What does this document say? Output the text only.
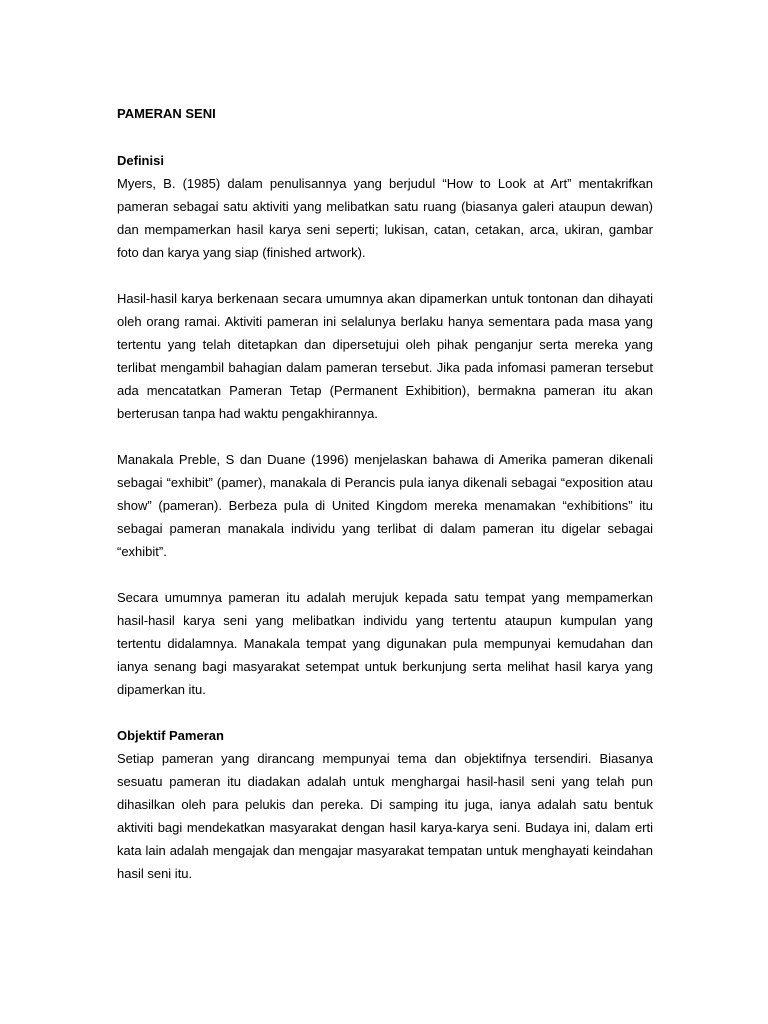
PAMERAN SENI
Definisi

Myers, B. (1985) dalam penulisannya yang berjudul “How to Look at Art” mentakrifkan pameran sebagai satu aktiviti yang melibatkan satu ruang (biasanya galeri ataupun dewan) dan mempamerkan hasil karya seni seperti; lukisan, catan, cetakan, arca, ukiran, gambar foto dan karya yang siap (finished artwork).

Hasil-hasil karya berkenaan secara umumnya akan dipamerkan untuk tontonan dan dihayati oleh orang ramai. Aktiviti pameran ini selalunya berlaku hanya sementara pada masa yang tertentu yang telah ditetapkan dan dipersetujui oleh pihak penganjur serta mereka yang terlibat mengambil bahagian dalam pameran tersebut. Jika pada infomasi pameran tersebut ada mencatatkan Pameran Tetap (Permanent Exhibition), bermakna pameran itu akan berterusan tanpa had waktu pengakhirannya.

Manakala Preble, S dan Duane (1996) menjelaskan bahawa di Amerika pameran dikenali sebagai “exhibit” (pamer), manakala di Perancis pula ianya dikenali sebagai “exposition atau show” (pameran). Berbeza pula di United Kingdom mereka menamakan “exhibitions” itu sebagai pameran manakala individu yang terlibat di dalam pameran itu digelar sebagai “exhibit”.

Secara umumnya pameran itu adalah merujuk kepada satu tempat yang mempamerkan hasil-hasil karya seni yang melibatkan individu yang tertentu ataupun kumpulan yang tertentu didalamnya. Manakala tempat yang digunakan pula mempunyai kemudahan dan ianya senang bagi masyarakat setempat untuk berkunjung serta melihat hasil karya yang dipamerkan itu.

Objektif Pameran

Setiap pameran yang dirancang mempunyai tema dan objektifnya tersendiri. Biasanya sesuatu pameran itu diadakan adalah untuk menghargai hasil-hasil seni yang telah pun dihasilkan oleh para pelukis dan pereka. Di samping itu juga, ianya adalah satu bentuk aktiviti bagi mendekatkan masyarakat dengan hasil karya-karya seni. Budaya ini, dalam erti kata lain adalah mengajak dan mengajar masyarakat tempatan untuk menghayati keindahan hasil seni itu.
